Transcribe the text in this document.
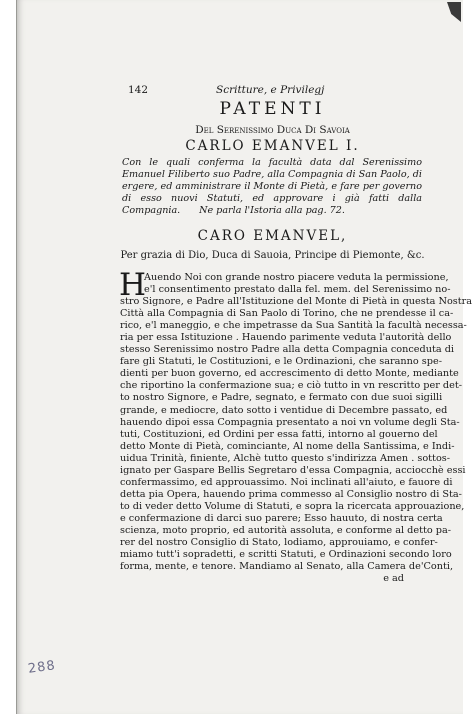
142	Scritture, e Privilegj
PATENTI
Del Serenissimo Duca Di Savoia
CARLO EMANVEL I.
Con le quali conferma la facultà data dal Serenissimo Emanuel Filiberto suo Padre, alla Compagnia di San Paolo, di ergere, ed amministrare il Monte di Pietà, e fare per governo di esso nuovi Statuti, ed approvare i già fatti dalla Compagnia.	Ne parla l'Istoria alla pag. 72.
CARO EMANVEL,
Per grazia di Dio, Duca di Sauoia, Principe di Piemonte, &c.
H
Auendo Noi con grande nostro piacere veduta la permissione,
e'l consentimento prestato dalla fel. mem. del Serenissimo no-
stro Signore, e Padre all'Istituzione del Monte di Pietà in questa Nostra
Città alla Compagnia di San Paolo di Torino, che ne prendesse il ca-
rico, e'l maneggio, e che impetrasse da Sua Santità la facultà necessa-
ria per essa Istituzione . Hauendo parimente veduta l'autorità dello
stesso Serenissimo nostro Padre alla detta Compagnia conceduta di
fare gli Statuti, le Costituzioni, e le Ordinazioni, che saranno spe-
dienti per buon governo, ed accrescimento di detto Monte, mediante
che riportino la confermazione sua; e ciò tutto in vn rescritto per det-
to nostro Signore, e Padre, segnato, e fermato con due suoi sigilli
grande, e mediocre, dato sotto i ventidue di Decembre passato, ed
hauendo dipoi essa Compagnia presentato a noi vn volume degli Sta-
tuti, Costituzioni, ed Ordini per essa fatti, intorno al gouerno del
detto Monte di Pietà, cominciante, Al nome della Santissima, e Indi-
uidua Trinità, finiente, Alchè tutto questo s'indirizza Amen . sottos-
ignato per Gaspare Bellis Segretaro d'essa Compagnia, acciocchè essi
confermassimo, ed approuassimo. Noi inclinati all'aiuto, e fauore di
detta pia Opera, hauendo prima commesso al Consiglio nostro di Sta-
to di veder detto Volume di Statuti, e sopra la ricercata approuazione,
e confermazione di darci suo parere; Esso hauuto, di nostra certa
scienza, moto proprio, ed autorità assoluta, e conforme al detto pa-
rer del nostro Consiglio di Stato, lodiamo, approuiamo, e confer-
miamo tutt'i sopradetti, e scritti Statuti, e Ordinazioni secondo loro
forma, mente, e tenore. Mandiamo al Senato, alla Camera de'Conti,
e ad
288
